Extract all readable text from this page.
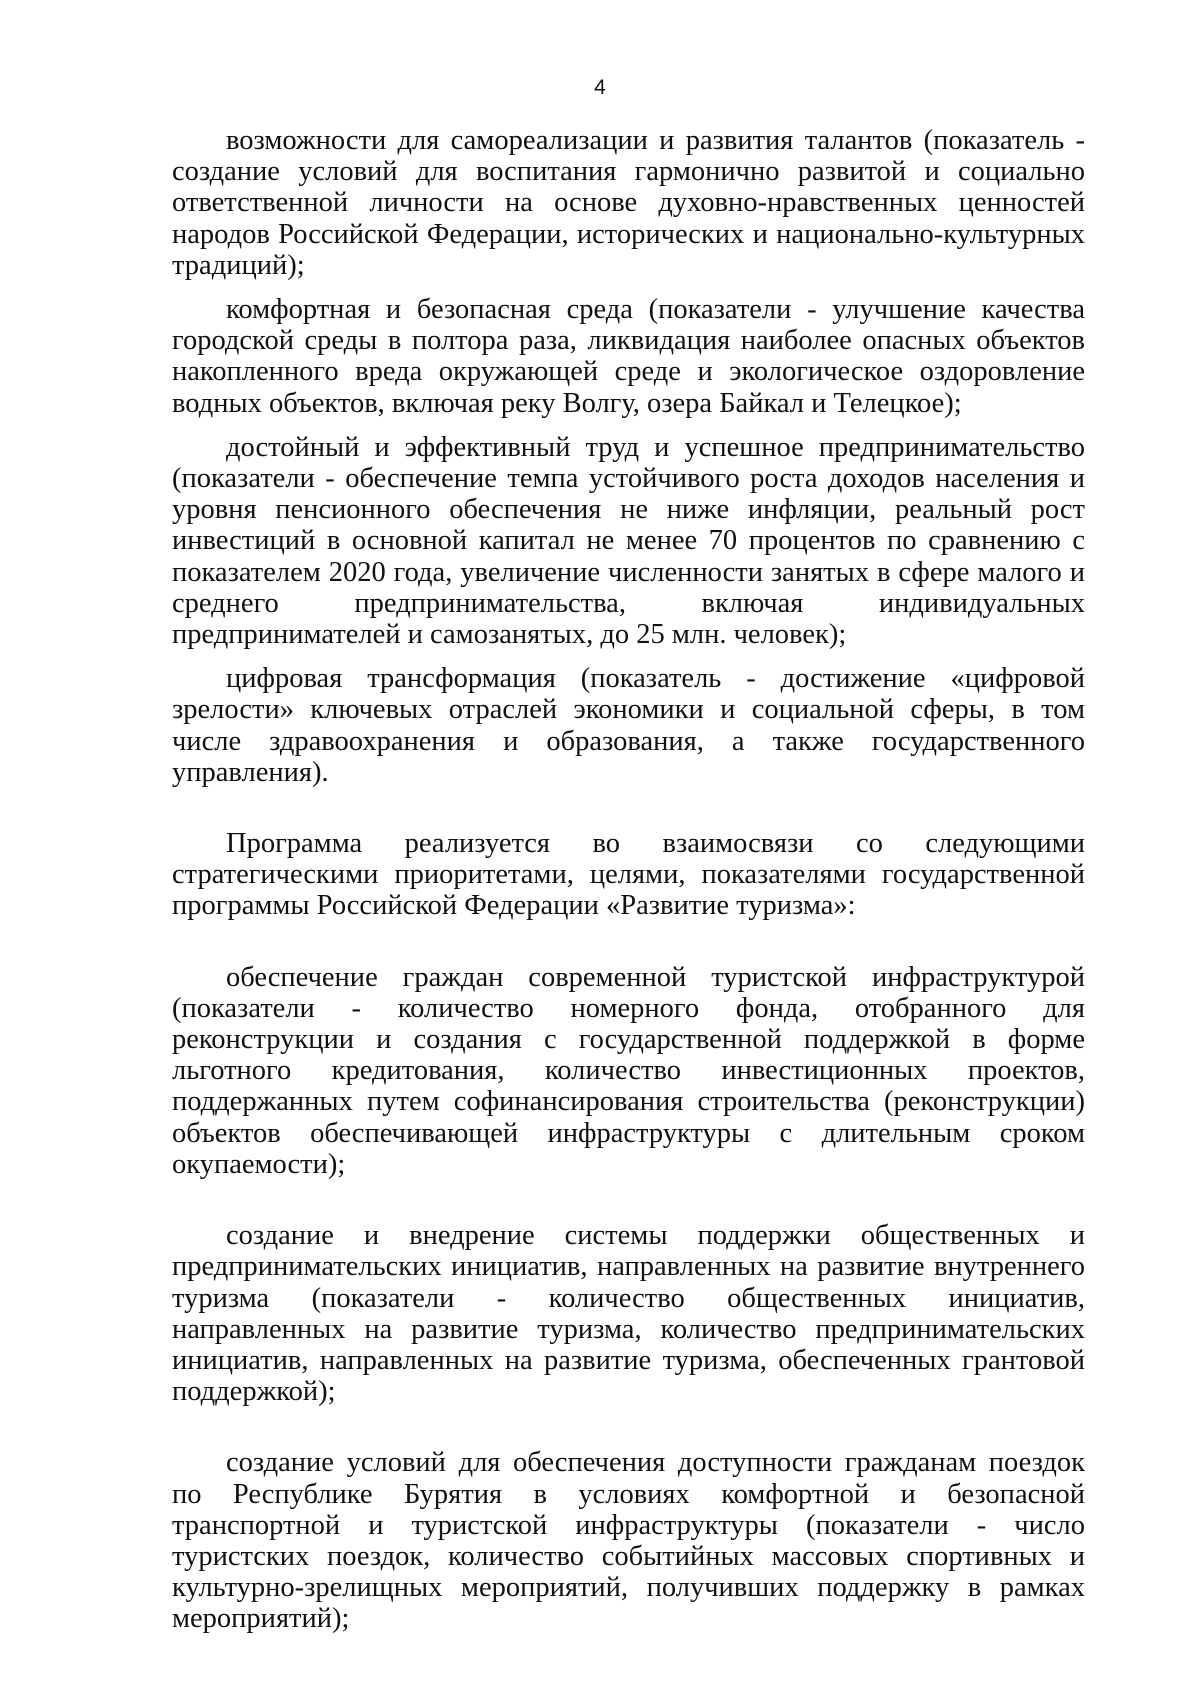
4

возможности для самореализации и развития талантов (показатель - создание условий для воспитания гармонично развитой и социально ответственной личности на основе духовно-нравственных ценностей народов Российской Федерации, исторических и национально-культурных традиций);

комфортная и безопасная среда (показатели - улучшение качества городской среды в полтора раза, ликвидация наиболее опасных объектов накопленного вреда окружающей среде и экологическое оздоровление водных объектов, включая реку Волгу, озера Байкал и Телецкое);

достойный и эффективный труд и успешное предпринимательство (показатели - обеспечение темпа устойчивого роста доходов населения и уровня пенсионного обеспечения не ниже инфляции, реальный рост инвестиций в основной капитал не менее 70 процентов по сравнению с показателем 2020 года, увеличение численности занятых в сфере малого и среднего предпринимательства, включая индивидуальных предпринимателей и самозанятых, до 25 млн. человек);

цифровая трансформация (показатель - достижение «цифровой зрелости» ключевых отраслей экономики и социальной сферы, в том числе здравоохранения и образования, а также государственного управления).

Программа реализуется во взаимосвязи со следующими стратегическими приоритетами, целями, показателями государственной программы Российской Федерации «Развитие туризма»:

обеспечение граждан современной туристской инфраструктурой (показатели - количество номерного фонда, отобранного для реконструкции и создания с государственной поддержкой в форме льготного кредитования, количество инвестиционных проектов, поддержанных путем софинансирования строительства (реконструкции) объектов обеспечивающей инфраструктуры с длительным сроком окупаемости);

создание и внедрение системы поддержки общественных и предпринимательских инициатив, направленных на развитие внутреннего туризма (показатели - количество общественных инициатив, направленных на развитие туризма, количество предпринимательских инициатив, направленных на развитие туризма, обеспеченных грантовой поддержкой);

создание условий для обеспечения доступности гражданам поездок по Республике Бурятия в условиях комфортной и безопасной транспортной и туристской инфраструктуры (показатели - число туристских поездок, количество событийных массовых спортивных и культурно-зрелищных мероприятий, получивших поддержку в рамках мероприятий);
